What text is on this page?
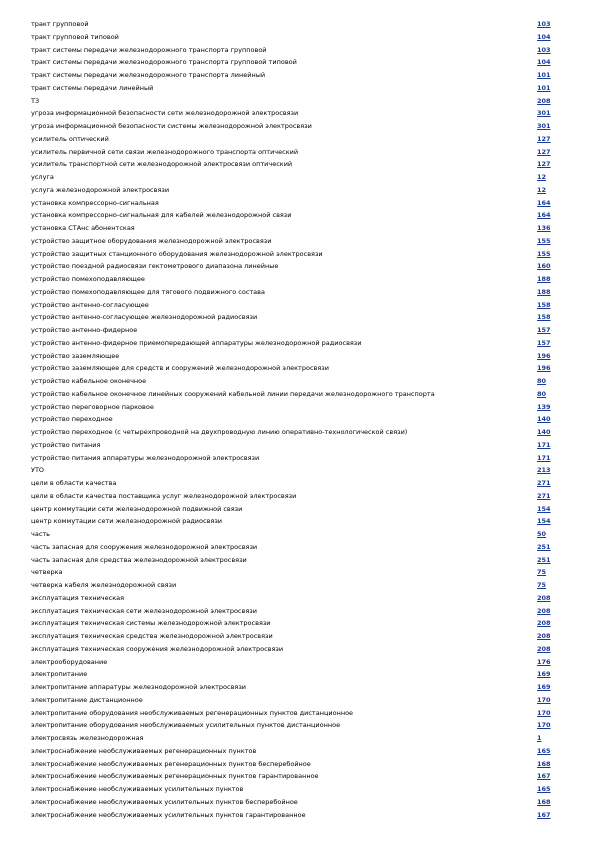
тракт групповой	103
тракт групповой типовой	104
тракт системы передачи железнодорожного транспорта групповой	103
тракт системы передачи железнодорожного транспорта групповой типовой	104
тракт системы передачи железнодорожного транспорта линейный	101
тракт системы передачи линейный	101
ТЗ	208
угроза информационной безопасности сети железнодорожной электросвязи	301
угроза информационной безопасности системы железнодорожной электросвязи	301
усилитель оптический	127
усилитель первичной сети связи железнодорожного транспорта оптический	127
усилитель транспортной сети железнодорожной электросвязи оптический	127
услуга	12
услуга железнодорожной электросвязи	12
установка компрессорно-сигнальная	164
установка компрессорно-сигнальная для кабелей железнодорожной связи	164
установка СТАнс абонентская	136
устройство защитное оборудования железнодорожной электросвязи	155
устройство защитных станционного оборудования железнодорожной электросвязи	155
устройство поездной радиосвязи гектометрового диапазона линейные	160
устройство помехоподавляющее	188
устройство помехоподавляющее для тягового подвижного состава	188
устройство антенно-согласующее	158
устройство антенно-согласующее железнодорожной радиосвязи	158
устройство антенно-фидерное	157
устройство антенно-фидерное приемопередающей аппаратуры железнодорожной радиосвязи	157
устройство заземляющее	196
устройство заземляющее для средств и сооружений железнодорожной электросвязи	196
устройство кабельное оконечное	80
устройство кабельное оконечное линейных сооружений кабельной линии передачи железнодорожного транспорта	80
устройство переговорное парковое	139
устройство переходное	140
устройство переходное (с четырехпроводной на двухпроводную линию оперативно-технологической связи)	140
устройство питания	171
устройство питания аппаратуры железнодорожной электросвязи	171
УТО	213
цели в области качества	271
цели в области качества поставщика услуг железнодорожной электросвязи	271
центр коммутации сети железнодорожной подвижной связи	154
центр коммутации сети железнодорожной радиосвязи	154
часть	50
часть запасная для сооружения железнодорожной электросвязи	251
часть запасная для средства железнодорожной электросвязи	251
четверка	75
четверка кабеля железнодорожной связи	75
эксплуатация техническая	208
эксплуатация техническая сети железнодорожной электросвязи	208
эксплуатация техническая системы железнодорожной электросвязи	208
эксплуатация техническая средства железнодорожной электросвязи	208
эксплуатация техническая сооружения железнодорожной электросвязи	208
электрооборудование	176
электропитание	169
электропитание аппаратуры железнодорожной электросвязи	169
электропитание дистанционное	170
электропитание оборудования необслуживаемых регенерационных пунктов дистанционное	170
электропитание оборудования необслуживаемых усилительных пунктов дистанционное	170
электросвязь железнодорожная	1
электроснабжение необслуживаемых регенерационных пунктов	165
электроснабжение необслуживаемых регенерационных пунктов бесперебойное	168
электроснабжение необслуживаемых регенерационных пунктов гарантированное	167
электроснабжение необслуживаемых усилительных пунктов	165
электроснабжение необслуживаемых усилительных пунктов бесперебойное	168
электроснабжение необслуживаемых усилительных пунктов гарантированное	167
